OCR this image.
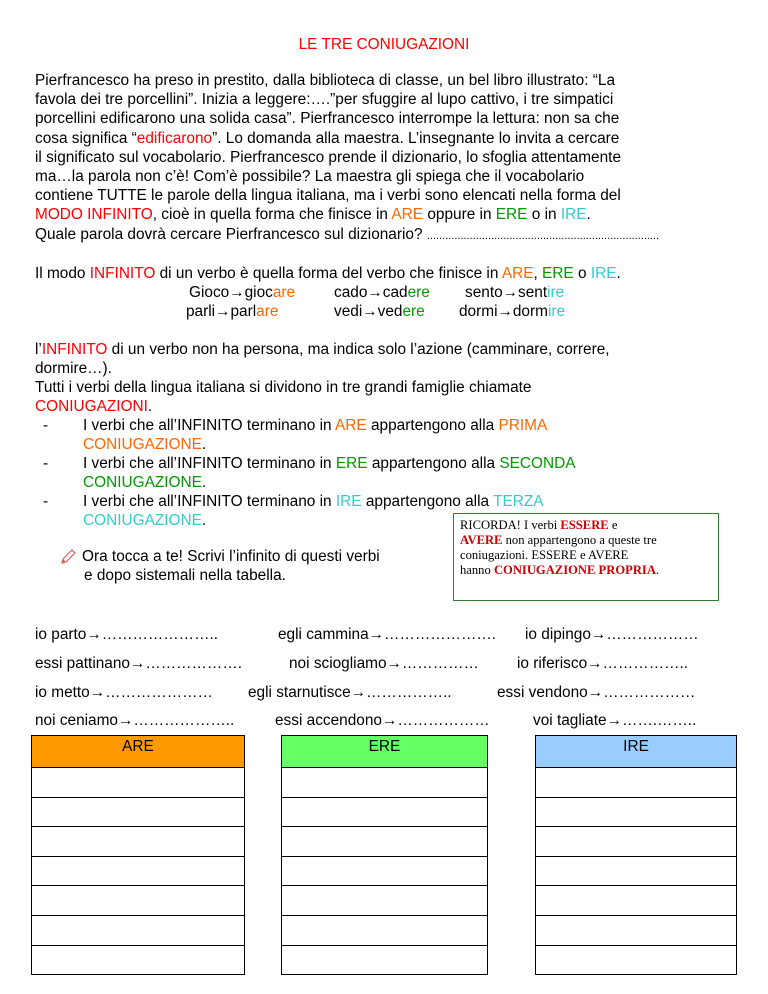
LE TRE CONIUGAZIONI
Pierfrancesco ha preso in prestito, dalla biblioteca di classe, un bel libro illustrato: “La
favola dei tre porcellini”. Inizia a leggere:….”per sfuggire al lupo cattivo, i tre simpatici
porcellini edificarono una solida casa”. Pierfrancesco interrompe la lettura: non sa che
cosa significa “edificarono”. Lo domanda alla maestra. L’insegnante lo invita a cercare
il significato sul vocabolario. Pierfrancesco prende il dizionario, lo sfoglia attentamente
ma…la parola non c’è! Com’è possibile? La maestra gli spiega che il vocabolario
contiene TUTTE le parole della lingua italiana, ma i verbi sono elencati nella forma del
MODO INFINITO, cioè in quella forma che finisce in ARE oppure in ERE o in IRE.
Quale parola dovrà cercare Pierfrancesco sul dizionario? ............................................................................
Il modo INFINITO di un verbo è quella forma del verbo che finisce in ARE, ERE o IRE.
Gioco→giocare	cado→cadere sento→sentire
parli→parlare	vedi→vedere dormi→dormire
l’INFINITO di un verbo non ha persona, ma indica solo l’azione (camminare, correre,
dormire…).
Tutti i verbi della lingua italiana si dividono in tre grandi famiglie chiamate
CONIUGAZIONI.
- I verbi che all’INFINITO terminano in ARE appartengono alla PRIMA
CONIUGAZIONE.
- I verbi che all’INFINITO terminano in ERE appartengono alla SECONDA
CONIUGAZIONE.
- I verbi che all’INFINITO terminano in IRE appartengono alla TERZA
CONIUGAZIONE.	RICORDA! I verbi ESSERE e
AVERE non appartengono a queste tre
coniugazioni. ESSERE e AVERE
hanno CONIUGAZIONE PROPRIA.
Ora tocca a te! Scrivi l’infinito di questi verbi
e dopo sistemali nella tabella.
io parto→…………………..	egli cammina→…………………. io dipingo→………………
essi pattinano→……………….	noi sciogliamo→…………… io riferisco→……………..
io metto→………………… egli starnutisce→……………..	essi vendono→………………
noi ceniamo→………………..	essi accendono→………………	voi tagliate→…….……..
ARE	ERE	IRE
